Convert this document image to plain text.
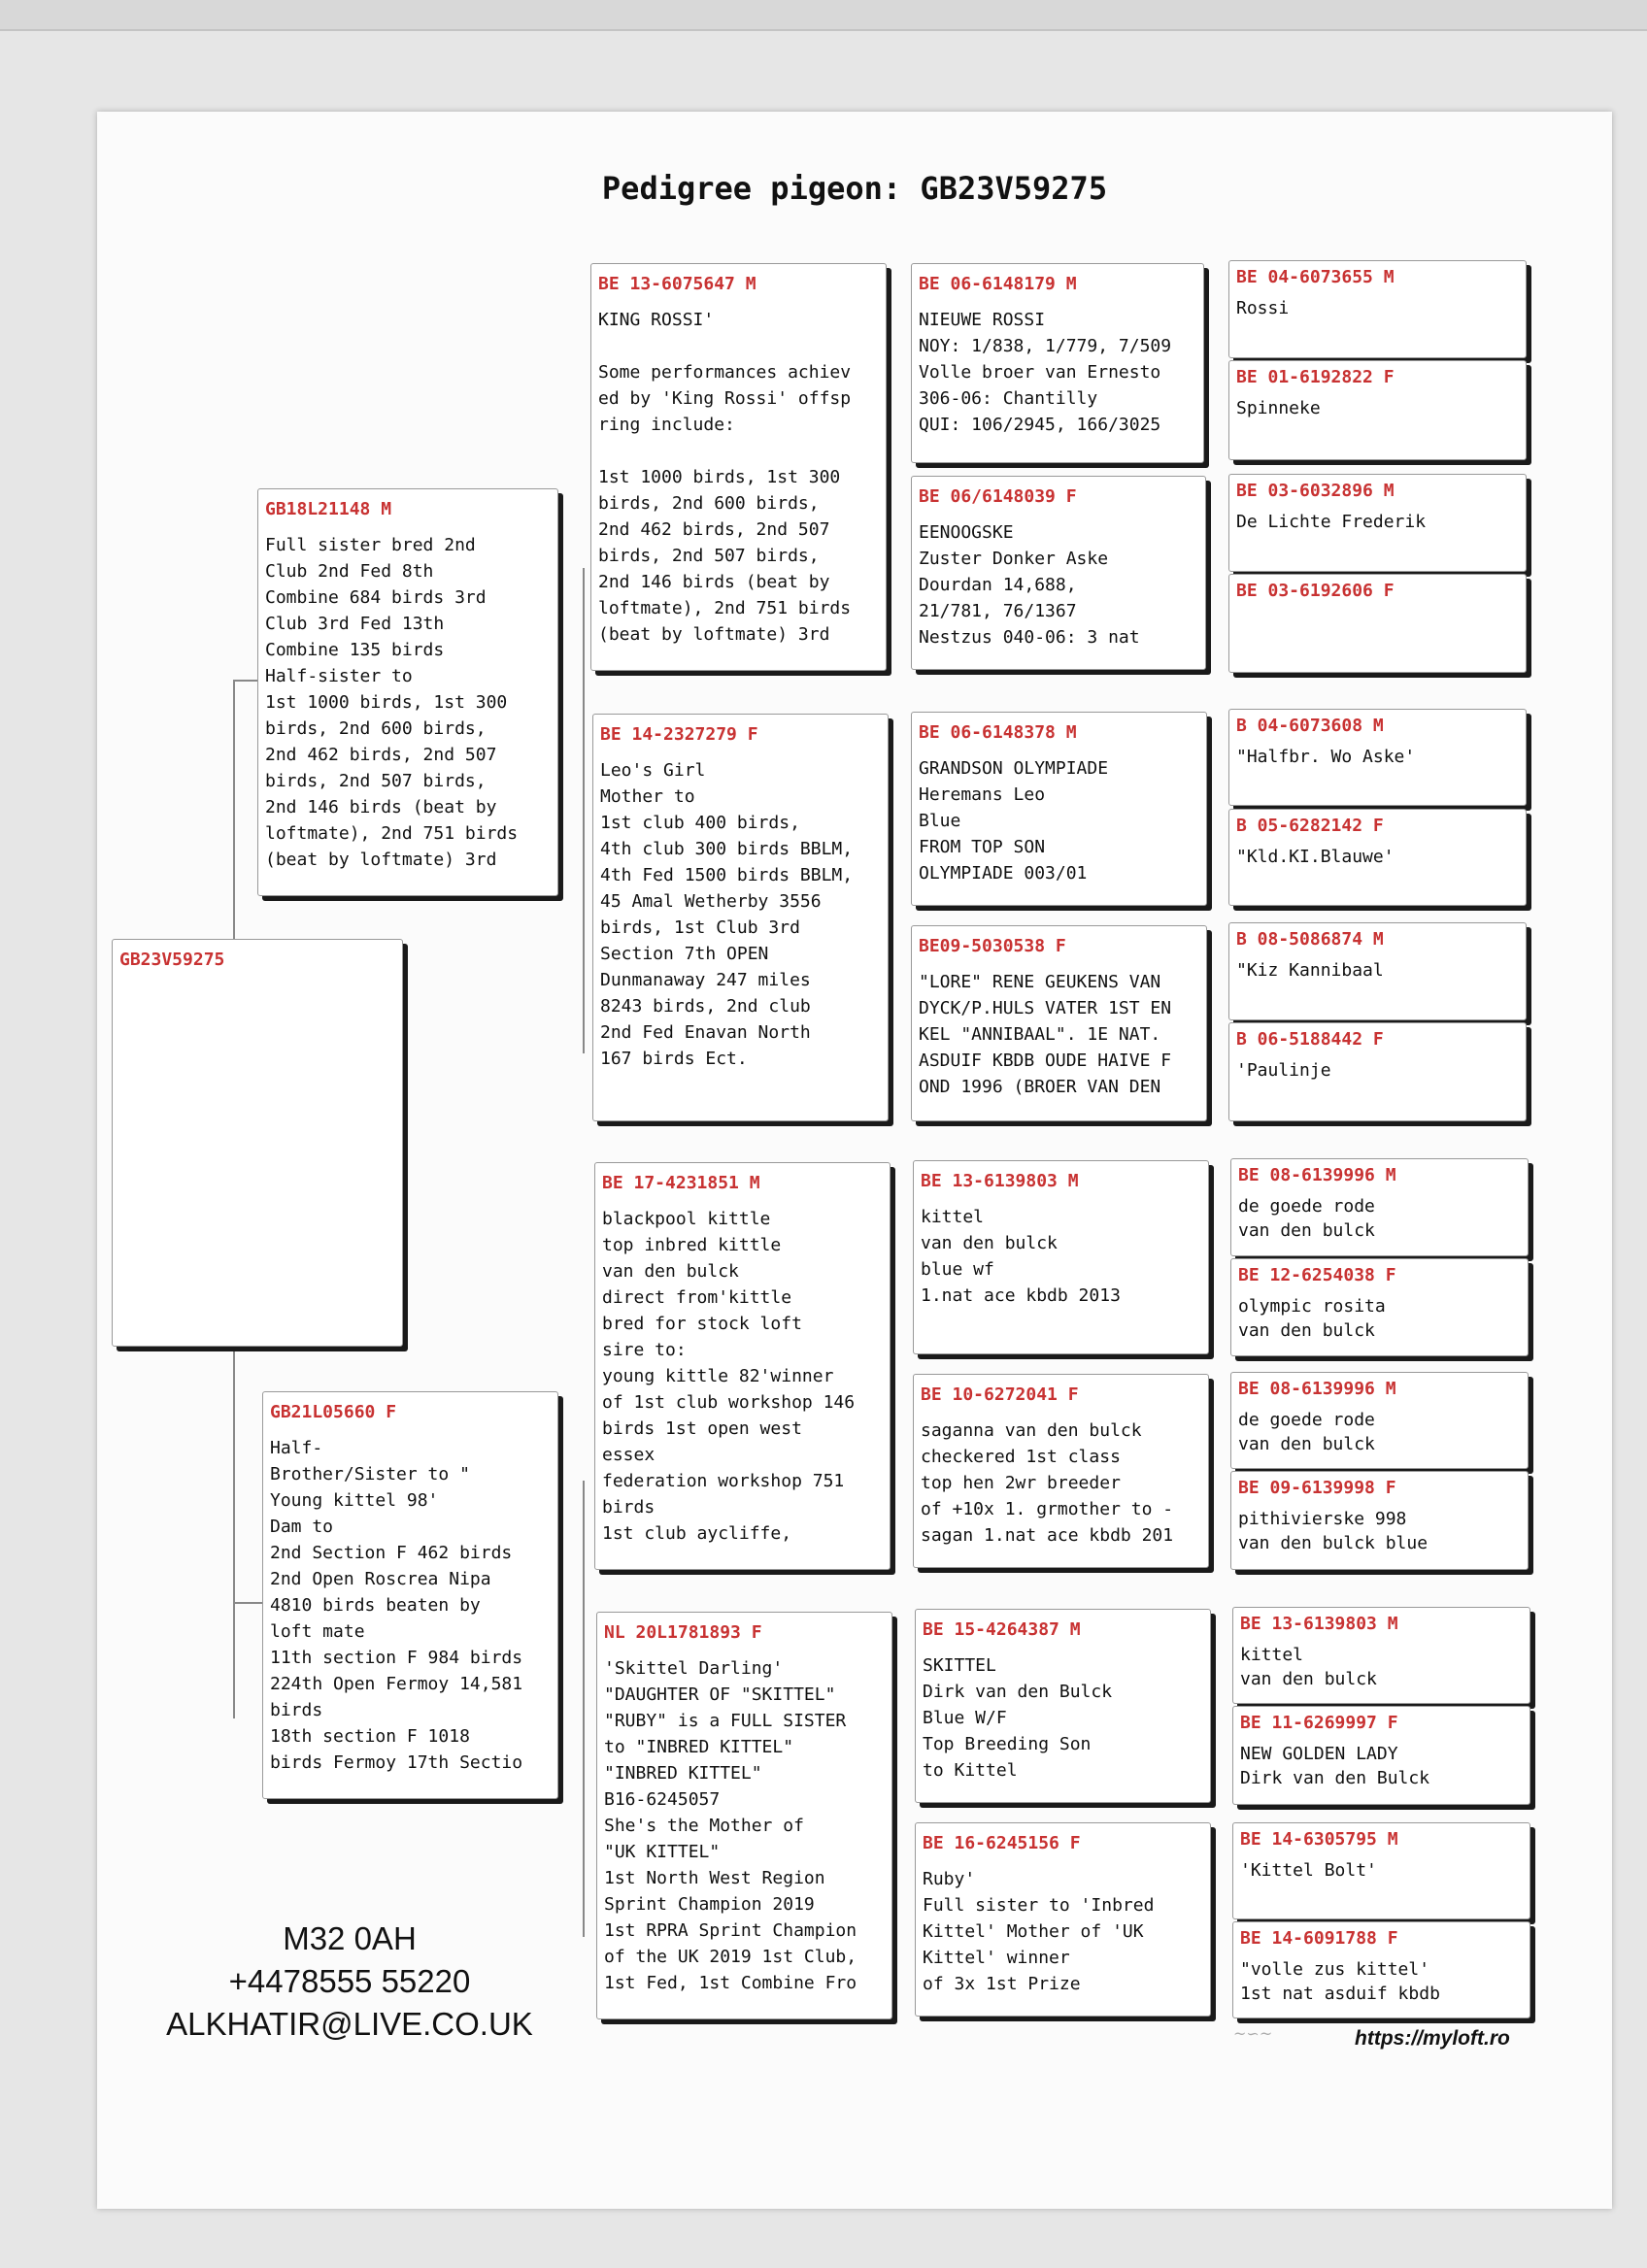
Pedigree pigeon: GB23V59275
GB23V59275
GB18L21148 M
Full sister bred 2nd
Club 2nd Fed 8th
Combine 684 birds 3rd
Club 3rd Fed 13th
Combine 135 birds
Half-sister to
1st 1000 birds, 1st 300
birds, 2nd 600 birds,
2nd 462 birds, 2nd 507
birds, 2nd 507 birds,
2nd 146 birds (beat by
loftmate), 2nd 751 birds
(beat by loftmate) 3rd
GB21L05660 F
Half-
Brother/Sister to "
Young kittel 98'
Dam to
2nd Section F 462 birds
2nd Open Roscrea Nipa
4810 birds beaten by
loft mate
11th section F 984 birds
224th Open Fermoy 14,581
birds
18th section F 1018
birds Fermoy 17th Sectio
BE 13-6075647 M
KING ROSSI'

Some performances achiev
ed by 'King Rossi' offsp
ring include:

1st 1000 birds, 1st 300
birds, 2nd 600 birds,
2nd 462 birds, 2nd 507
birds, 2nd 507 birds,
2nd 146 birds (beat by
loftmate), 2nd 751 birds
(beat by loftmate) 3rd
BE 14-2327279 F
Leo's Girl
Mother to
1st club 400 birds,
4th club 300 birds BBLM,
4th Fed 1500 birds BBLM,
45 Amal Wetherby 3556
birds, 1st Club 3rd
Section 7th OPEN
Dunmanaway 247 miles
8243 birds, 2nd club
2nd Fed Enavan North
167 birds Ect.
BE 17-4231851 M
blackpool kittle
top inbred kittle
van den bulck
direct from'kittle
bred for stock loft
sire to:
young kittle 82'winner
of 1st club workshop 146
birds 1st open west
essex
federation workshop 751
birds
1st club aycliffe,
NL 20L1781893 F
'Skittel Darling'
"DAUGHTER OF "SKITTEL"
"RUBY" is a FULL SISTER
to "INBRED KITTEL"
"INBRED KITTEL"
B16-6245057
She's the Mother of
"UK KITTEL"
1st North West Region
Sprint Champion 2019
1st RPRA Sprint Champion
of the UK 2019 1st Club,
1st Fed, 1st Combine Fro
BE 06-6148179 M
NIEUWE ROSSI
NOY: 1/838, 1/779, 7/509
Volle broer van Ernesto
306-06: Chantilly
QUI: 106/2945, 166/3025
BE 06/6148039 F
EENOOGSKE
Zuster Donker Aske
Dourdan 14,688,
21/781, 76/1367
Nestzus 040-06: 3 nat
BE 06-6148378 M
GRANDSON OLYMPIADE
Heremans Leo
Blue
FROM TOP SON
OLYMPIADE 003/01
BE09-5030538 F
"LORE" RENE GEUKENS VAN
DYCK/P.HULS VATER 1ST EN
KEL "ANNIBAAL". 1E NAT.
ASDUIF KBDB OUDE HAIVE F
OND 1996 (BROER VAN DEN
BE 13-6139803 M
kittel
van den bulck
blue wf
1.nat ace kbdb 2013
BE 10-6272041 F
saganna van den bulck
checkered 1st class
top hen 2wr breeder
of +10x 1. grmother to -
sagan 1.nat ace kbdb 201
BE 15-4264387 M
SKITTEL
Dirk van den Bulck
Blue W/F
Top Breeding Son
to Kittel
BE 16-6245156 F
Ruby'
Full sister to 'Inbred
Kittel' Mother of 'UK
Kittel' winner
of 3x 1st Prize
BE 04-6073655 M
Rossi
BE 01-6192822 F
Spinneke
BE 03-6032896 M
De Lichte Frederik
BE 03-6192606 F
B 04-6073608 M
"Halfbr. Wo Aske'
B 05-6282142 F
"Kld.KI.Blauwe'
B 08-5086874 M
"Kiz Kannibaal
B 06-5188442 F
'Paulinje
BE 08-6139996 M
de goede rode
van den bulck
BE 12-6254038 F
olympic rosita
van den bulck
BE 08-6139996 M
de goede rode
van den bulck
BE 09-6139998 F
pithivierske 998
van den bulck blue
BE 13-6139803 M
kittel
van den bulck
BE 11-6269997 F
NEW GOLDEN LADY
Dirk van den Bulck
BE 14-6305795 M
'Kittel Bolt'
BE 14-6091788 F
"volle zus kittel'
1st nat asduif kbdb
M32 0AH
+4478555 55220
ALKHATIR@LIVE.CO.UK	~∽~	https://myloft.ro
